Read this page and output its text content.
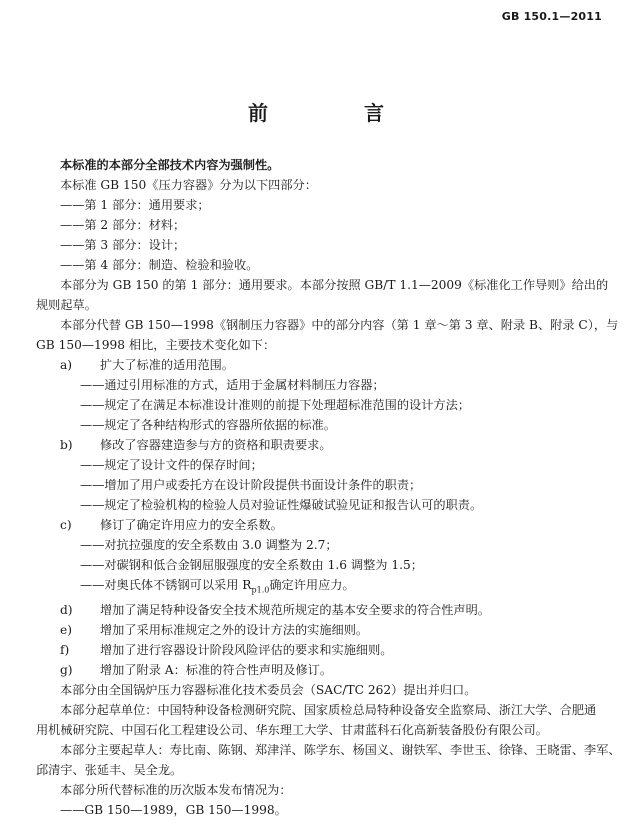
GB 150.1—2011
前　言
本标准的本部分全部技术内容为强制性。
本标准 GB 150《压力容器》分为以下四部分：
——第 1 部分：通用要求；
——第 2 部分：材料；
——第 3 部分：设计；
——第 4 部分：制造、检验和验收。
本部分为 GB 150 的第 1 部分：通用要求。本部分按照 GB/T 1.1—2009《标准化工作导则》给出的
规则起草。
本部分代替 GB 150—1998《钢制压力容器》中的部分内容（第 1 章～第 3 章、附录 B、附录 C），与
GB 150—1998 相比，主要技术变化如下：
a) 扩大了标准的适用范围。
——通过引用标准的方式，适用于金属材料制压力容器；
——规定了在满足本标准设计准则的前提下处理超标准范围的设计方法；
——规定了各种结构形式的容器所依据的标准。
b) 修改了容器建造参与方的资格和职责要求。
——规定了设计文件的保存时间；
——增加了用户或委托方在设计阶段提供书面设计条件的职责；
——规定了检验机构的检验人员对验证性爆破试验见证和报告认可的职责。
c) 修订了确定许用应力的安全系数。
——对抗拉强度的安全系数由 3.0 调整为 2.7；
——对碳钢和低合金钢屈服强度的安全系数由 1.6 调整为 1.5；
——对奥氏体不锈钢可以采用 $R_{p1.0}$确定许用应力。
d) 增加了满足特种设备安全技术规范所规定的基本安全要求的符合性声明。
e) 增加了采用标准规定之外的设计方法的实施细则。
f)	增加了进行容器设计阶段风险评估的要求和实施细则。
g) 增加了附录 A：标准的符合性声明及修订。
本部分由全国锅炉压力容器标准化技术委员会（SAC/TC 262）提出并归口。
本部分起草单位：中国特种设备检测研究院、国家质检总局特种设备安全监察局、浙江大学、合肥通
用机械研究院、中国石化工程建设公司、华东理工大学、甘肃蓝科石化高新装备股份有限公司。
本部分主要起草人：寿比南、陈钢、郑津洋、陈学东、杨国义、谢铁军、李世玉、徐锋、王晓雷、李军、
邱清宇、张延丰、吴全龙。
本部分所代替标准的历次版本发布情况为：
——GB 150—1989，GB 150—1998。
